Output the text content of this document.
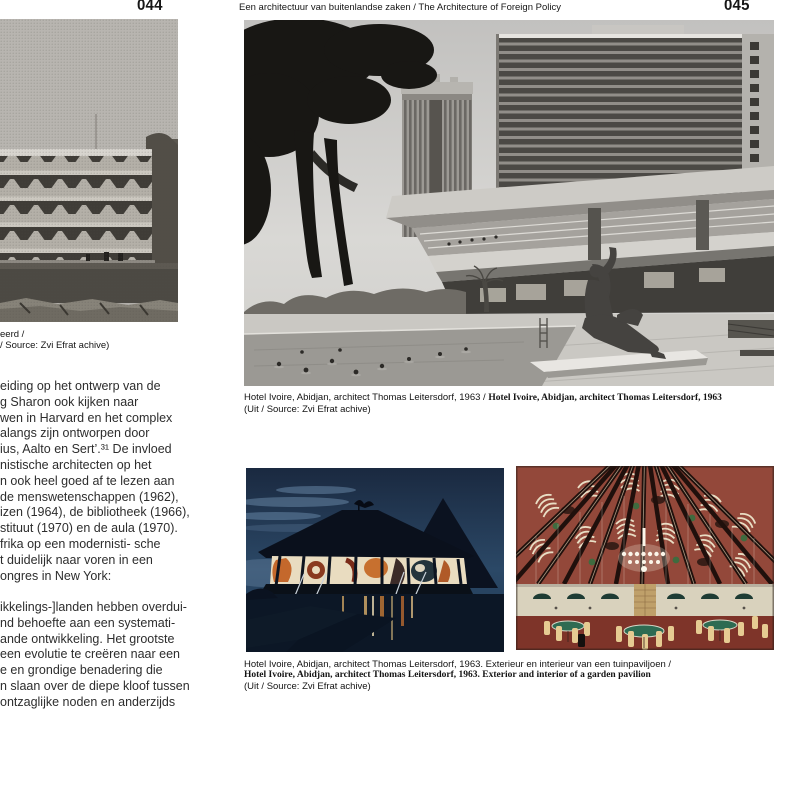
044	Een architectuur van buitenlandse zaken / The Architecture of Foreign Policy	045
eerd /
/ Source: Zvi Efrat achive)
eiding op het ontwerp van de
g Sharon ook kijken naar
wen in Harvard en het complex
alangs zijn ontworpen door
ius, Aalto en Sert’.³¹ De invloed
nistische architecten op het
n ook heel goed af te lezen aan
de menswetenschappen (1962),
izen (1964), de bibliotheek (1966),
stituut (1970) en de aula (1970).
frika op een modernisti- sche
t duidelijk naar voren in een
ongres in New York:
ikkelings-]landen hebben overdui-
nd behoefte aan een systemati-
ande ontwikkeling. Het grootste
een evolutie te creëren naar een
e en grondige benadering die
n slaan over de diepe kloof tussen
ontzaglijke noden en anderzijds
Hotel Ivoire, Abidjan, architect Thomas Leitersdorf, 1963 / Hotel Ivoire, Abidjan, architect Thomas Leitersdorf, 1963
(Uit / Source: Zvi Efrat achive)
Hotel Ivoire, Abidjan, architect Thomas Leitersdorf, 1963. Exterieur en interieur van een tuinpaviljoen /
Hotel Ivoire, Abidjan, architect Thomas Leitersdorf, 1963. Exterior and interior of a garden pavilion
(Uit / Source: Zvi Efrat achive)
